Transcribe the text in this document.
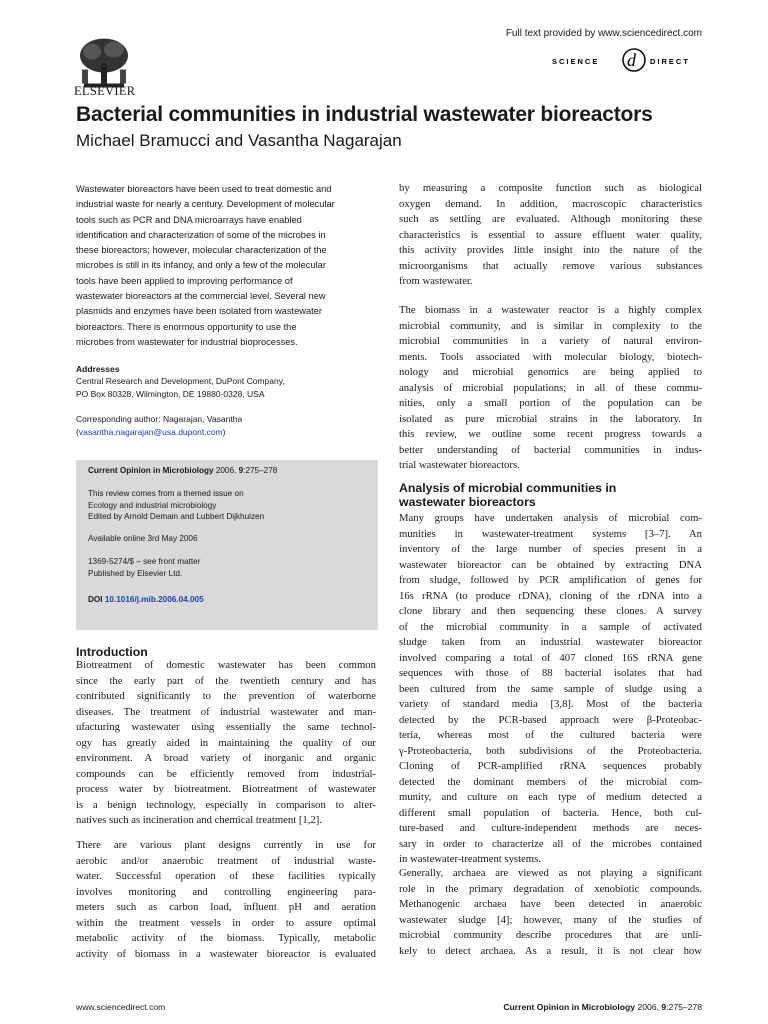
ELSEVIER
Full text provided by www.sciencedirect.com
SCIENCE d DIRECT
Bacterial communities in industrial wastewater bioreactors
Michael Bramucci and Vasantha Nagarajan
Wastewater bioreactors have been used to treat domestic and
industrial waste for nearly a century. Development of molecular
tools such as PCR and DNA microarrays have enabled
identification and characterization of some of the microbes in
these bioreactors; however, molecular characterization of the
microbes is still in its infancy, and only a few of the molecular
tools have been applied to improving performance of
wastewater bioreactors at the commercial level. Several new
plasmids and enzymes have been isolated from wastewater
bioreactors. There is enormous opportunity to use the
microbes from wastewater for industrial bioprocesses.
Addresses
Central Research and Development, DuPont Company,
PO Box 80328, Wilmington, DE 19880-0328, USA
Corresponding author: Nagarajan, Vasantha
(vasantha.nagarajan@usa.dupont.com)
Current Opinion in Microbiology 2006, 9:275–278
This review comes from a themed issue on
Ecology and industrial microbiology
Edited by Arnold Demain and Lubbert Dijkhuizen
Available online 3rd May 2006
1369-5274/$ – see front matter
Published by Elsevier Ltd.
DOI 10.1016/j.mib.2006.04.005
Introduction
Biotreatment of domestic wastewater has been common
since the early part of the twentieth century and has
contributed significantly to the prevention of waterborne
diseases. The treatment of industrial wastewater and man-
ufacturing wastewater using essentially the same technol-
ogy has greatly aided in maintaining the quality of our
environment. A broad variety of inorganic and organic
compounds can be efficiently removed from industrial-
process water by biotreatment. Biotreatment of wastewater
is a benign technology, especially in comparison to alter-
natives such as incineration and chemical treatment [1,2].
There are various plant designs currently in use for
aerobic and/or anaerobic treatment of industrial waste-
water. Successful operation of these facilities typically
involves monitoring and controlling engineering para-
meters such as carbon load, influent pH and aeration
within the treatment vessels in order to assure optimal
metabolic activity of the biomass. Typically, metabolic
activity of biomass in a wastewater bioreactor is evaluated
by measuring a composite function such as biological
oxygen demand. In addition, macroscopic characteristics
such as settling are evaluated. Although monitoring these
characteristics is essential to assure effluent water quality,
this activity provides little insight into the nature of the
microorganisms that actually remove various substances
from wastewater.
The biomass in a wastewater reactor is a highly complex
microbial community, and is similar in complexity to the
microbial communities in a variety of natural environ-
ments. Tools associated with molecular biology, biotech-
nology and microbial genomics are being applied to
analysis of microbial populations; in all of these commu-
nities, only a small portion of the population can be
isolated as pure microbial strains in the laboratory. In
this review, we outline some recent progress towards a
better understanding of bacterial communities in indus-
trial wastewater bioreactors.
Analysis of microbial communities in
wastewater bioreactors
Many groups have undertaken analysis of microbial com-
munities in wastewater-treatment systems [3–7]. An
inventory of the large number of species present in a
wastewater bioreactor can be obtained by extracting DNA
from sludge, followed by PCR amplification of genes for
16s rRNA (to produce rDNA), cloning of the rDNA into a
clone library and then sequencing these clones. A survey
of the microbial community in a sample of activated
sludge taken from an industrial wastewater bioreactor
involved comparing a total of 407 cloned 16S rRNA gene
sequences with those of 88 bacterial isolates that had
been cultured from the same sample of sludge using a
variety of standard media [3,8]. Most of the bacteria
detected by the PCR-based approach were β-Proteobac-
teria, whereas most of the cultured bacteria were
γ-Proteobacteria, both subdivisions of the Proteobacteria.
Cloning of PCR-amplified rRNA sequences probably
detected the dominant members of the microbial com-
munity, and culture on each type of medium detected a
different small population of bacteria. Hence, both cul-
ture-based and culture-independent methods are neces-
sary in order to characterize all of the microbes contained
in wastewater-treatment systems.
Generally, archaea are viewed as not playing a significant
role in the primary degradation of xenobiotic compounds.
Methanogenic archaea have been detected in anaerobic
wastewater sludge [4]; however, many of the studies of
microbial community describe procedures that are unli-
kely to detect archaea. As a result, it is not clear how
www.sciencedirect.com	Current Opinion in Microbiology 2006, 9:275–278
